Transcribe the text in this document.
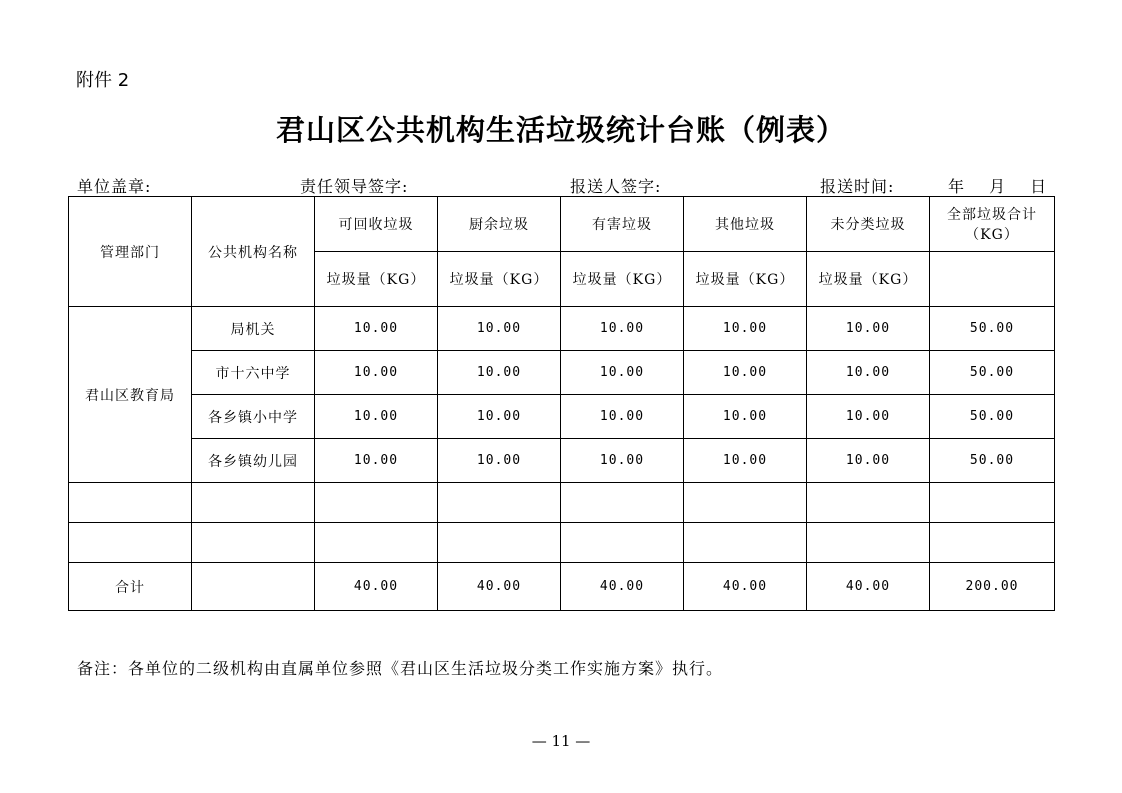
附件 2
君山区公共机构生活垃圾统计台账（例表）
单位盖章:	责任领导签字:	报送人签字:	报送时间:	年 月 日
管理部门	公共机构名称	可回收垃圾	厨余垃圾	有害垃圾	其他垃圾	未分类垃圾	全部垃圾合计
（KG）

		垃圾量（KG）	垃圾量（KG）	垃圾量（KG）	垃圾量（KG）	垃圾量（KG）	
君山区教育局	局机关	10.00	10.00	10.00	10.00	10.00	50.00
	市十六中学	10.00	10.00	10.00	10.00	10.00	50.00
	各乡镇小中学	10.00	10.00	10.00	10.00	10.00	50.00
	各乡镇幼儿园	10.00	10.00	10.00	10.00	10.00	50.00

合计		40.00	40.00	40.00	40.00	40.00	200.00
备注：各单位的二级机构由直属单位参照《君山区生活垃圾分类工作实施方案》执行。
— 11 —
